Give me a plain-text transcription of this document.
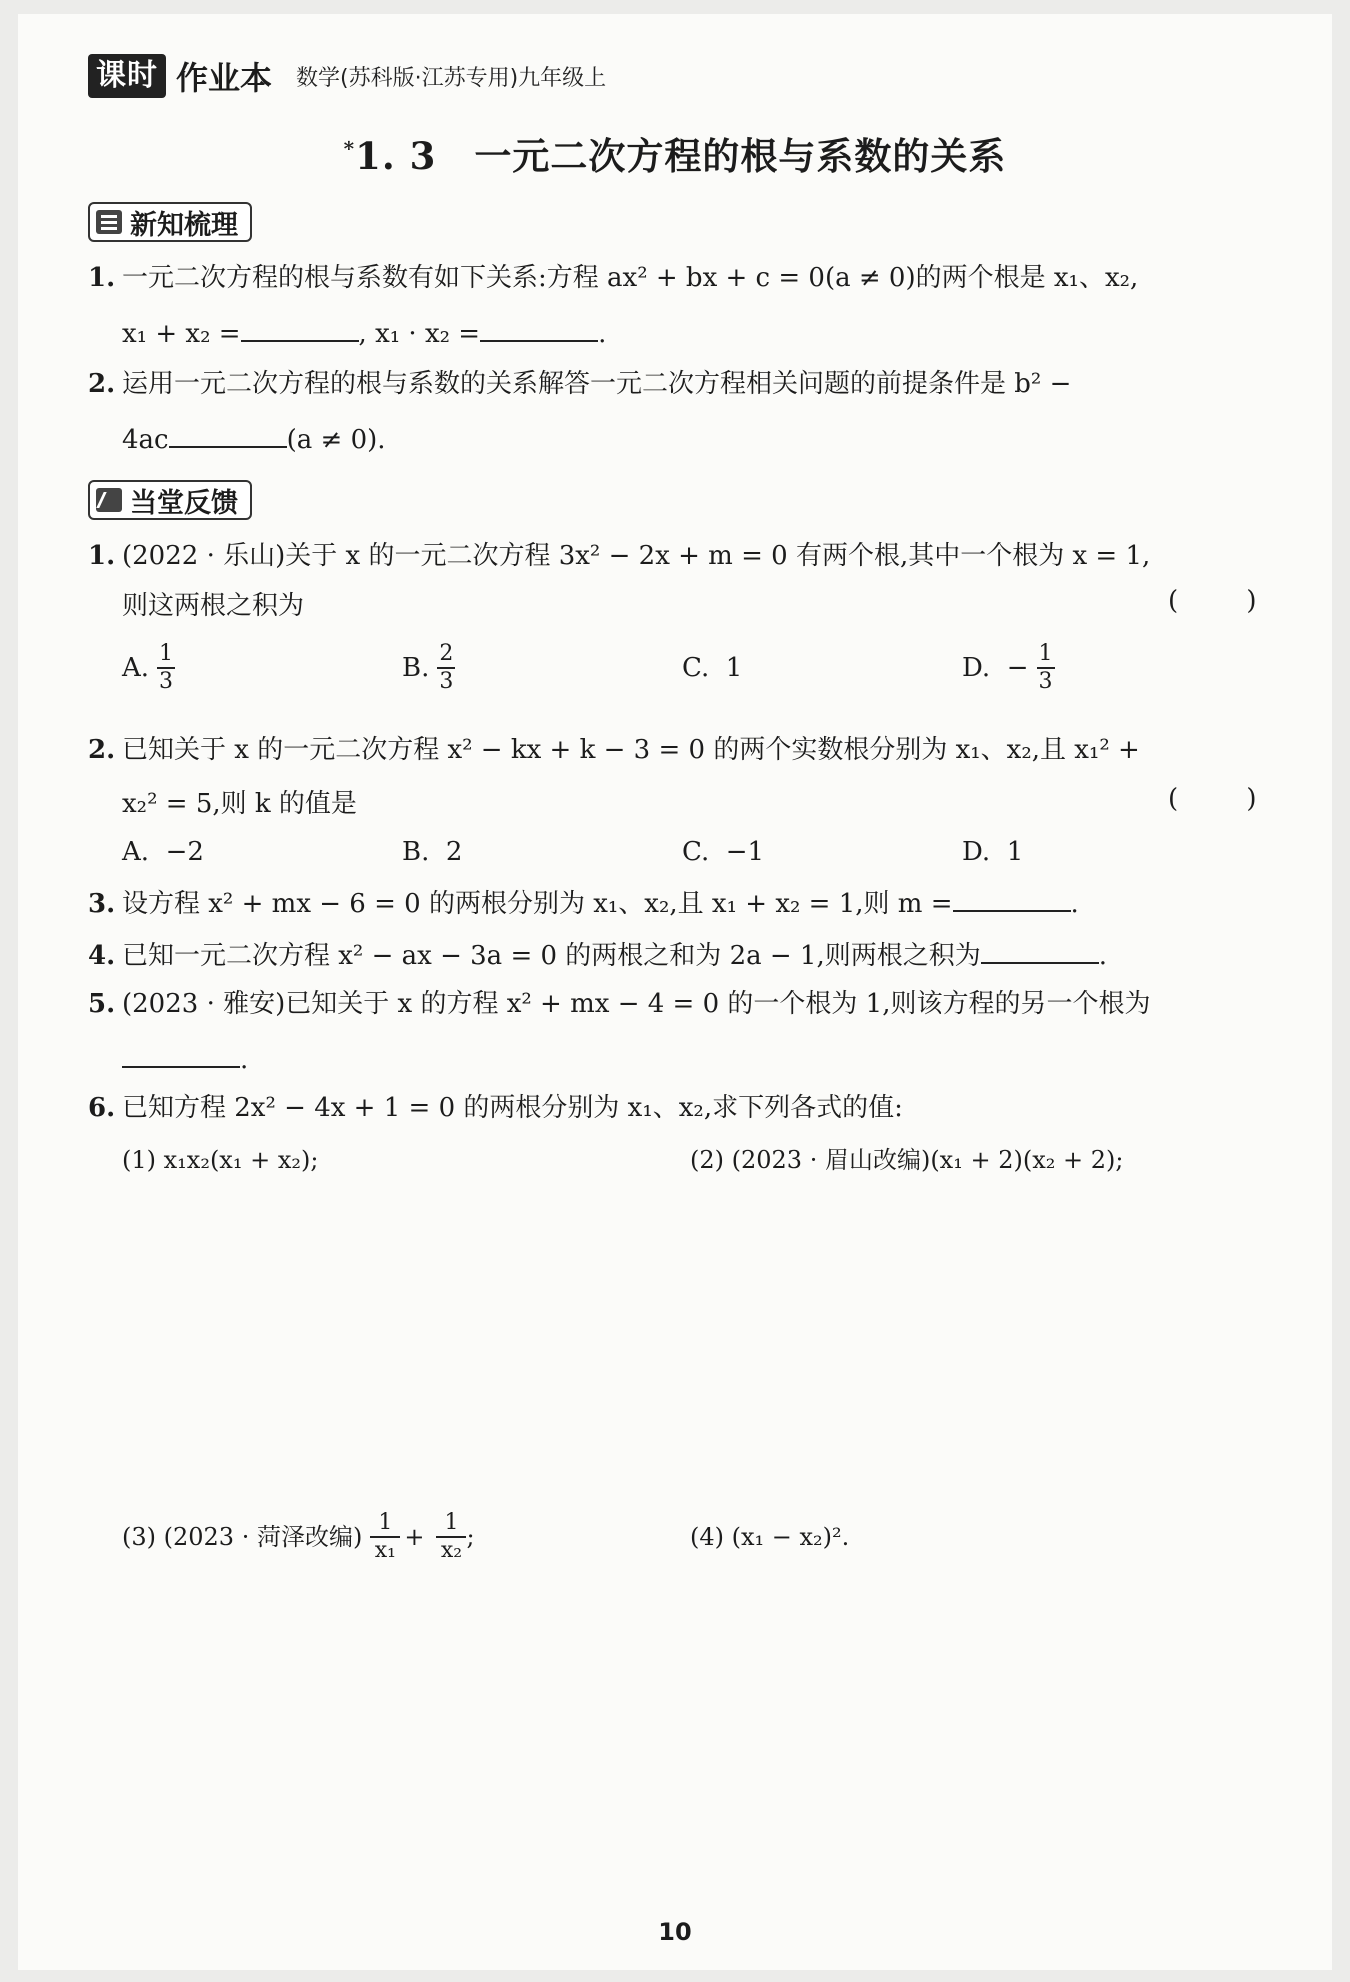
课时 作业本 数学(苏科版·江苏专用)九年级上
*1. 3　一元二次方程的根与系数的关系
新知梳理
1. 一元二次方程的根与系数有如下关系:方程 ax² + bx + c = 0(a ≠ 0)的两个根是 x₁、x₂,
x₁ + x₂ =	, x₁ · x₂ =	.
2. 运用一元二次方程的根与系数的关系解答一元二次方程相关问题的前提条件是 b² −
4ac	(a ≠ 0).
当堂反馈
1. (2022 · 乐山)关于 x 的一元二次方程 3x² − 2x + m = 0 有两个根,其中一个根为 x = 1,
则这两根之积为	( )
A. $\frac{1}{3}$	B. $\frac{2}{3}$	C.
1	D.
− $\frac{1}{3}$
2. 已知关于 x 的一元二次方程 x² − kx + k − 3 = 0 的两个实数根分别为 x₁、x₂,且 x₁² +
x₂² = 5,则 k 的值是	( )
A.
−2	B.
2	C.
−1	D.
1
3. 设方程 x² + mx − 6 = 0 的两根分别为 x₁、x₂,且 x₁ + x₂ = 1,则 m =	.
4. 已知一元二次方程 x² − ax − 3a = 0 的两根之和为 2a − 1,则两根之积为	.
5. (2023 · 雅安)已知关于 x 的方程 x² + mx − 4 = 0 的一个根为 1,则该方程的另一个根为
.
6. 已知方程 2x² − 4x + 1 = 0 的两根分别为 x₁、x₂,求下列各式的值:
(1) x₁x₂(x₁ + x₂);	(2) (2023 · 眉山改编)(x₁ + 2)(x₂ + 2);
(3) (2023 · 菏泽改编) $\frac{1}{\text{x₁}} + \frac{1}{\text{x₂}}$ ;	(4) (x₁ − x₂)².
10
